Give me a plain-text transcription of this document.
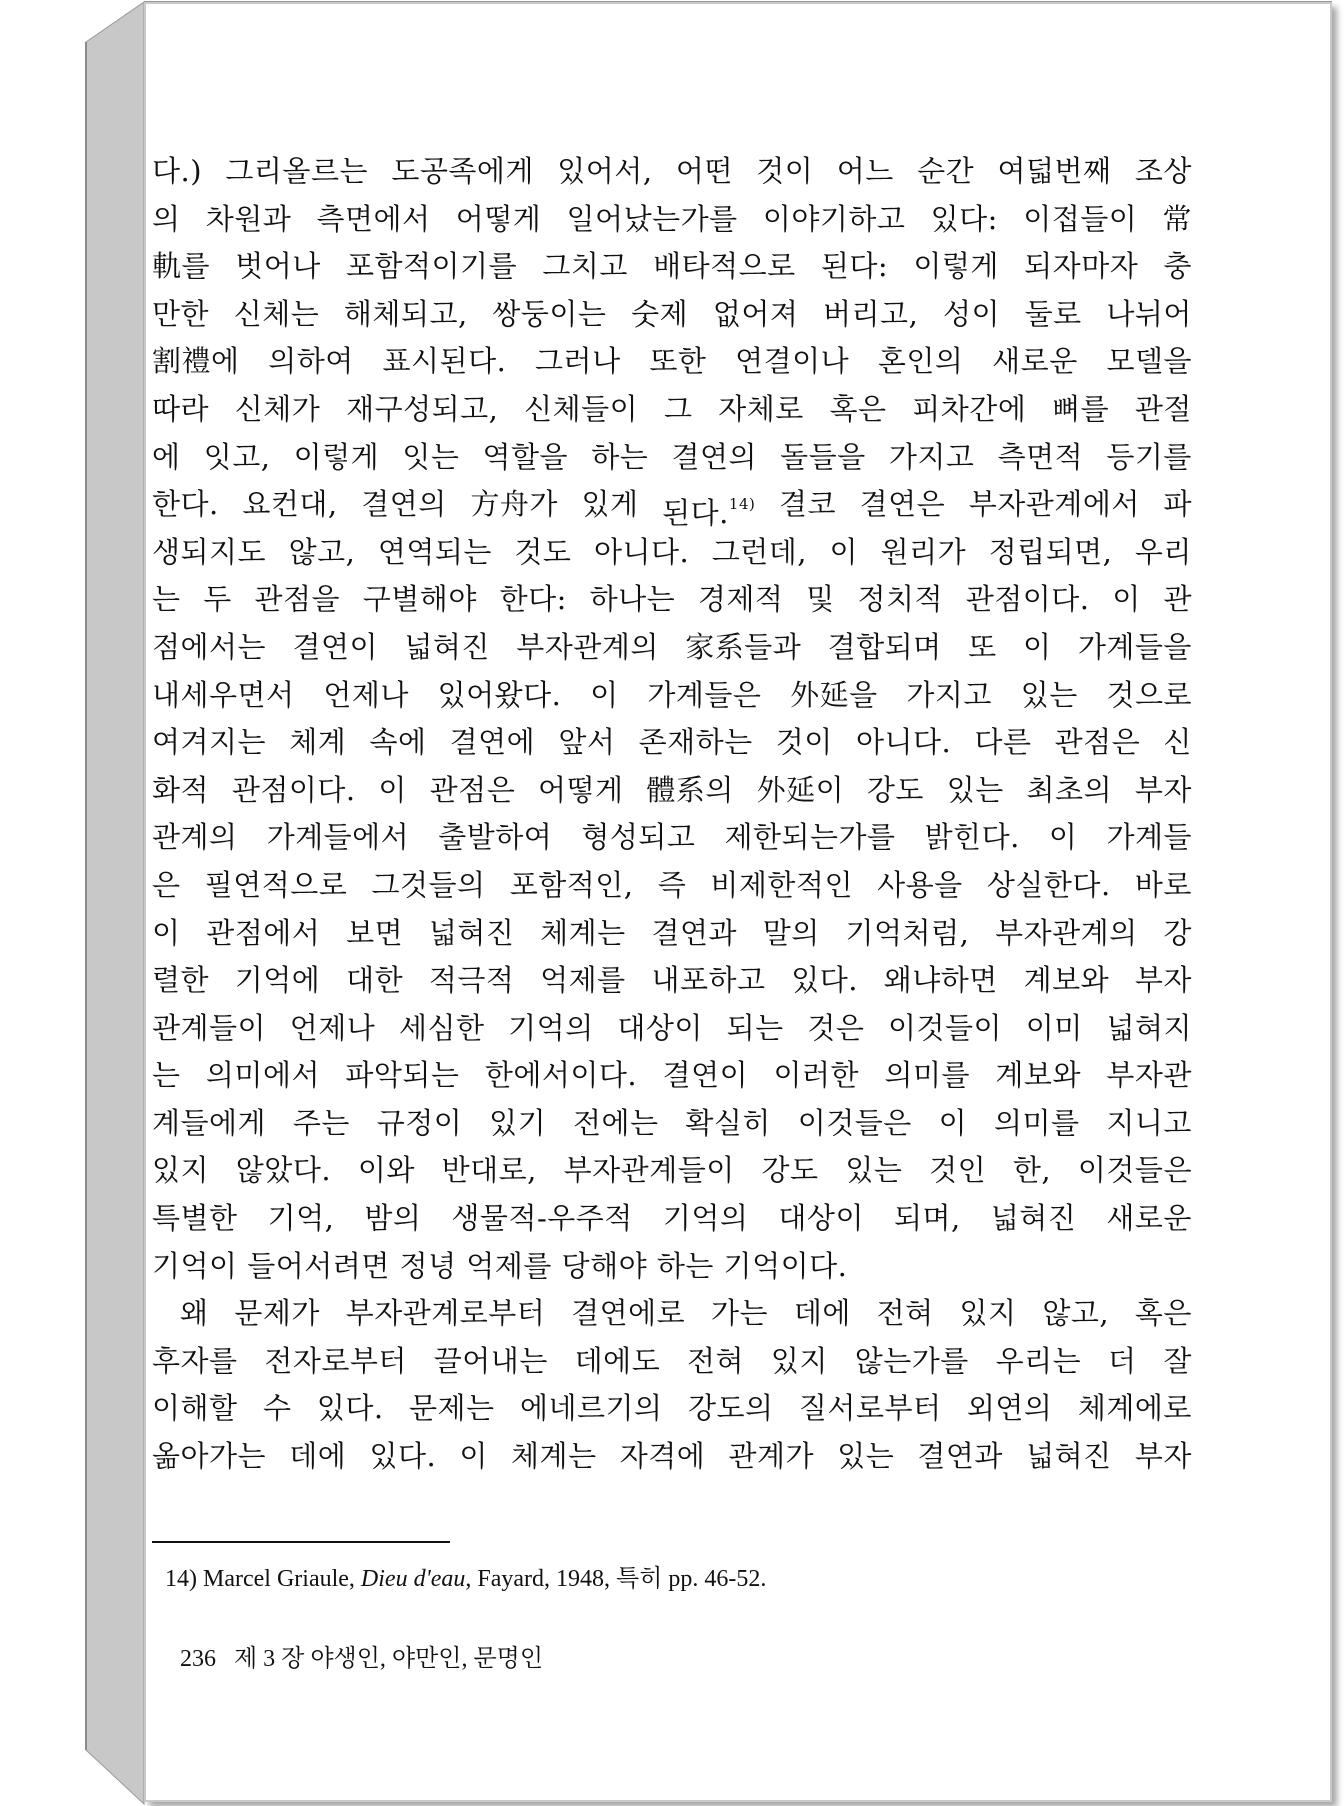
다.) 그리올르는 도공족에게 있어서, 어떤 것이 어느 순간 여덟번째 조상
의 차원과 측면에서 어떻게 일어났는가를 이야기하고 있다: 이접들이 常
軌를 벗어나 포함적이기를 그치고 배타적으로 된다: 이렇게 되자마자 충
만한 신체는 해체되고, 쌍둥이는 숫제 없어져 버리고, 성이 둘로 나뉘어
割禮에 의하여 표시된다. 그러나 또한 연결이나 혼인의 새로운 모델을
따라 신체가 재구성되고, 신체들이 그 자체로 혹은 피차간에 뼈를 관절
에 잇고, 이렇게 잇는 역할을 하는 결연의 돌들을 가지고 측면적 등기를
한다. 요컨대, 결연의 方舟가 있게 된다.$^{14)}$ 결코 결연은 부자관계에서 파
생되지도 않고, 연역되는 것도 아니다. 그런데, 이 원리가 정립되면, 우리
는 두 관점을 구별해야 한다: 하나는 경제적 및 정치적 관점이다. 이 관
점에서는 결연이 넓혀진 부자관계의 家系들과 결합되며 또 이 가계들을
내세우면서 언제나 있어왔다. 이 가계들은 外延을 가지고 있는 것으로
여겨지는 체계 속에 결연에 앞서 존재하는 것이 아니다. 다른 관점은 신
화적 관점이다. 이 관점은 어떻게 體系의 外延이 강도 있는 최초의 부자
관계의 가계들에서 출발하여 형성되고 제한되는가를 밝힌다. 이 가계들
은 필연적으로 그것들의 포함적인, 즉 비제한적인 사용을 상실한다. 바로
이 관점에서 보면 넓혀진 체계는 결연과 말의 기억처럼, 부자관계의 강
렬한 기억에 대한 적극적 억제를 내포하고 있다. 왜냐하면 계보와 부자
관계들이 언제나 세심한 기억의 대상이 되는 것은 이것들이 이미 넓혀지
는 의미에서 파악되는 한에서이다. 결연이 이러한 의미를 계보와 부자관
계들에게 주는 규정이 있기 전에는 확실히 이것들은 이 의미를 지니고
있지 않았다. 이와 반대로, 부자관계들이 강도 있는 것인 한, 이것들은
특별한 기억, 밤의 생물적-우주적 기억의 대상이 되며, 넓혀진 새로운
기억이 들어서려면 정녕 억제를 당해야 하는 기억이다.
왜 문제가 부자관계로부터 결연에로 가는 데에 전혀 있지 않고, 혹은
후자를 전자로부터 끌어내는 데에도 전혀 있지 않는가를 우리는 더 잘
이해할 수 있다. 문제는 에네르기의 강도의 질서로부터 외연의 체계에로
옮아가는 데에 있다. 이 체계는 자격에 관계가 있는 결연과 넓혀진 부자
14) Marcel Griaule, Dieu d'eau, Fayard, 1948, 특히 pp. 46-52.
236 제 3 장 야생인, 야만인, 문명인
